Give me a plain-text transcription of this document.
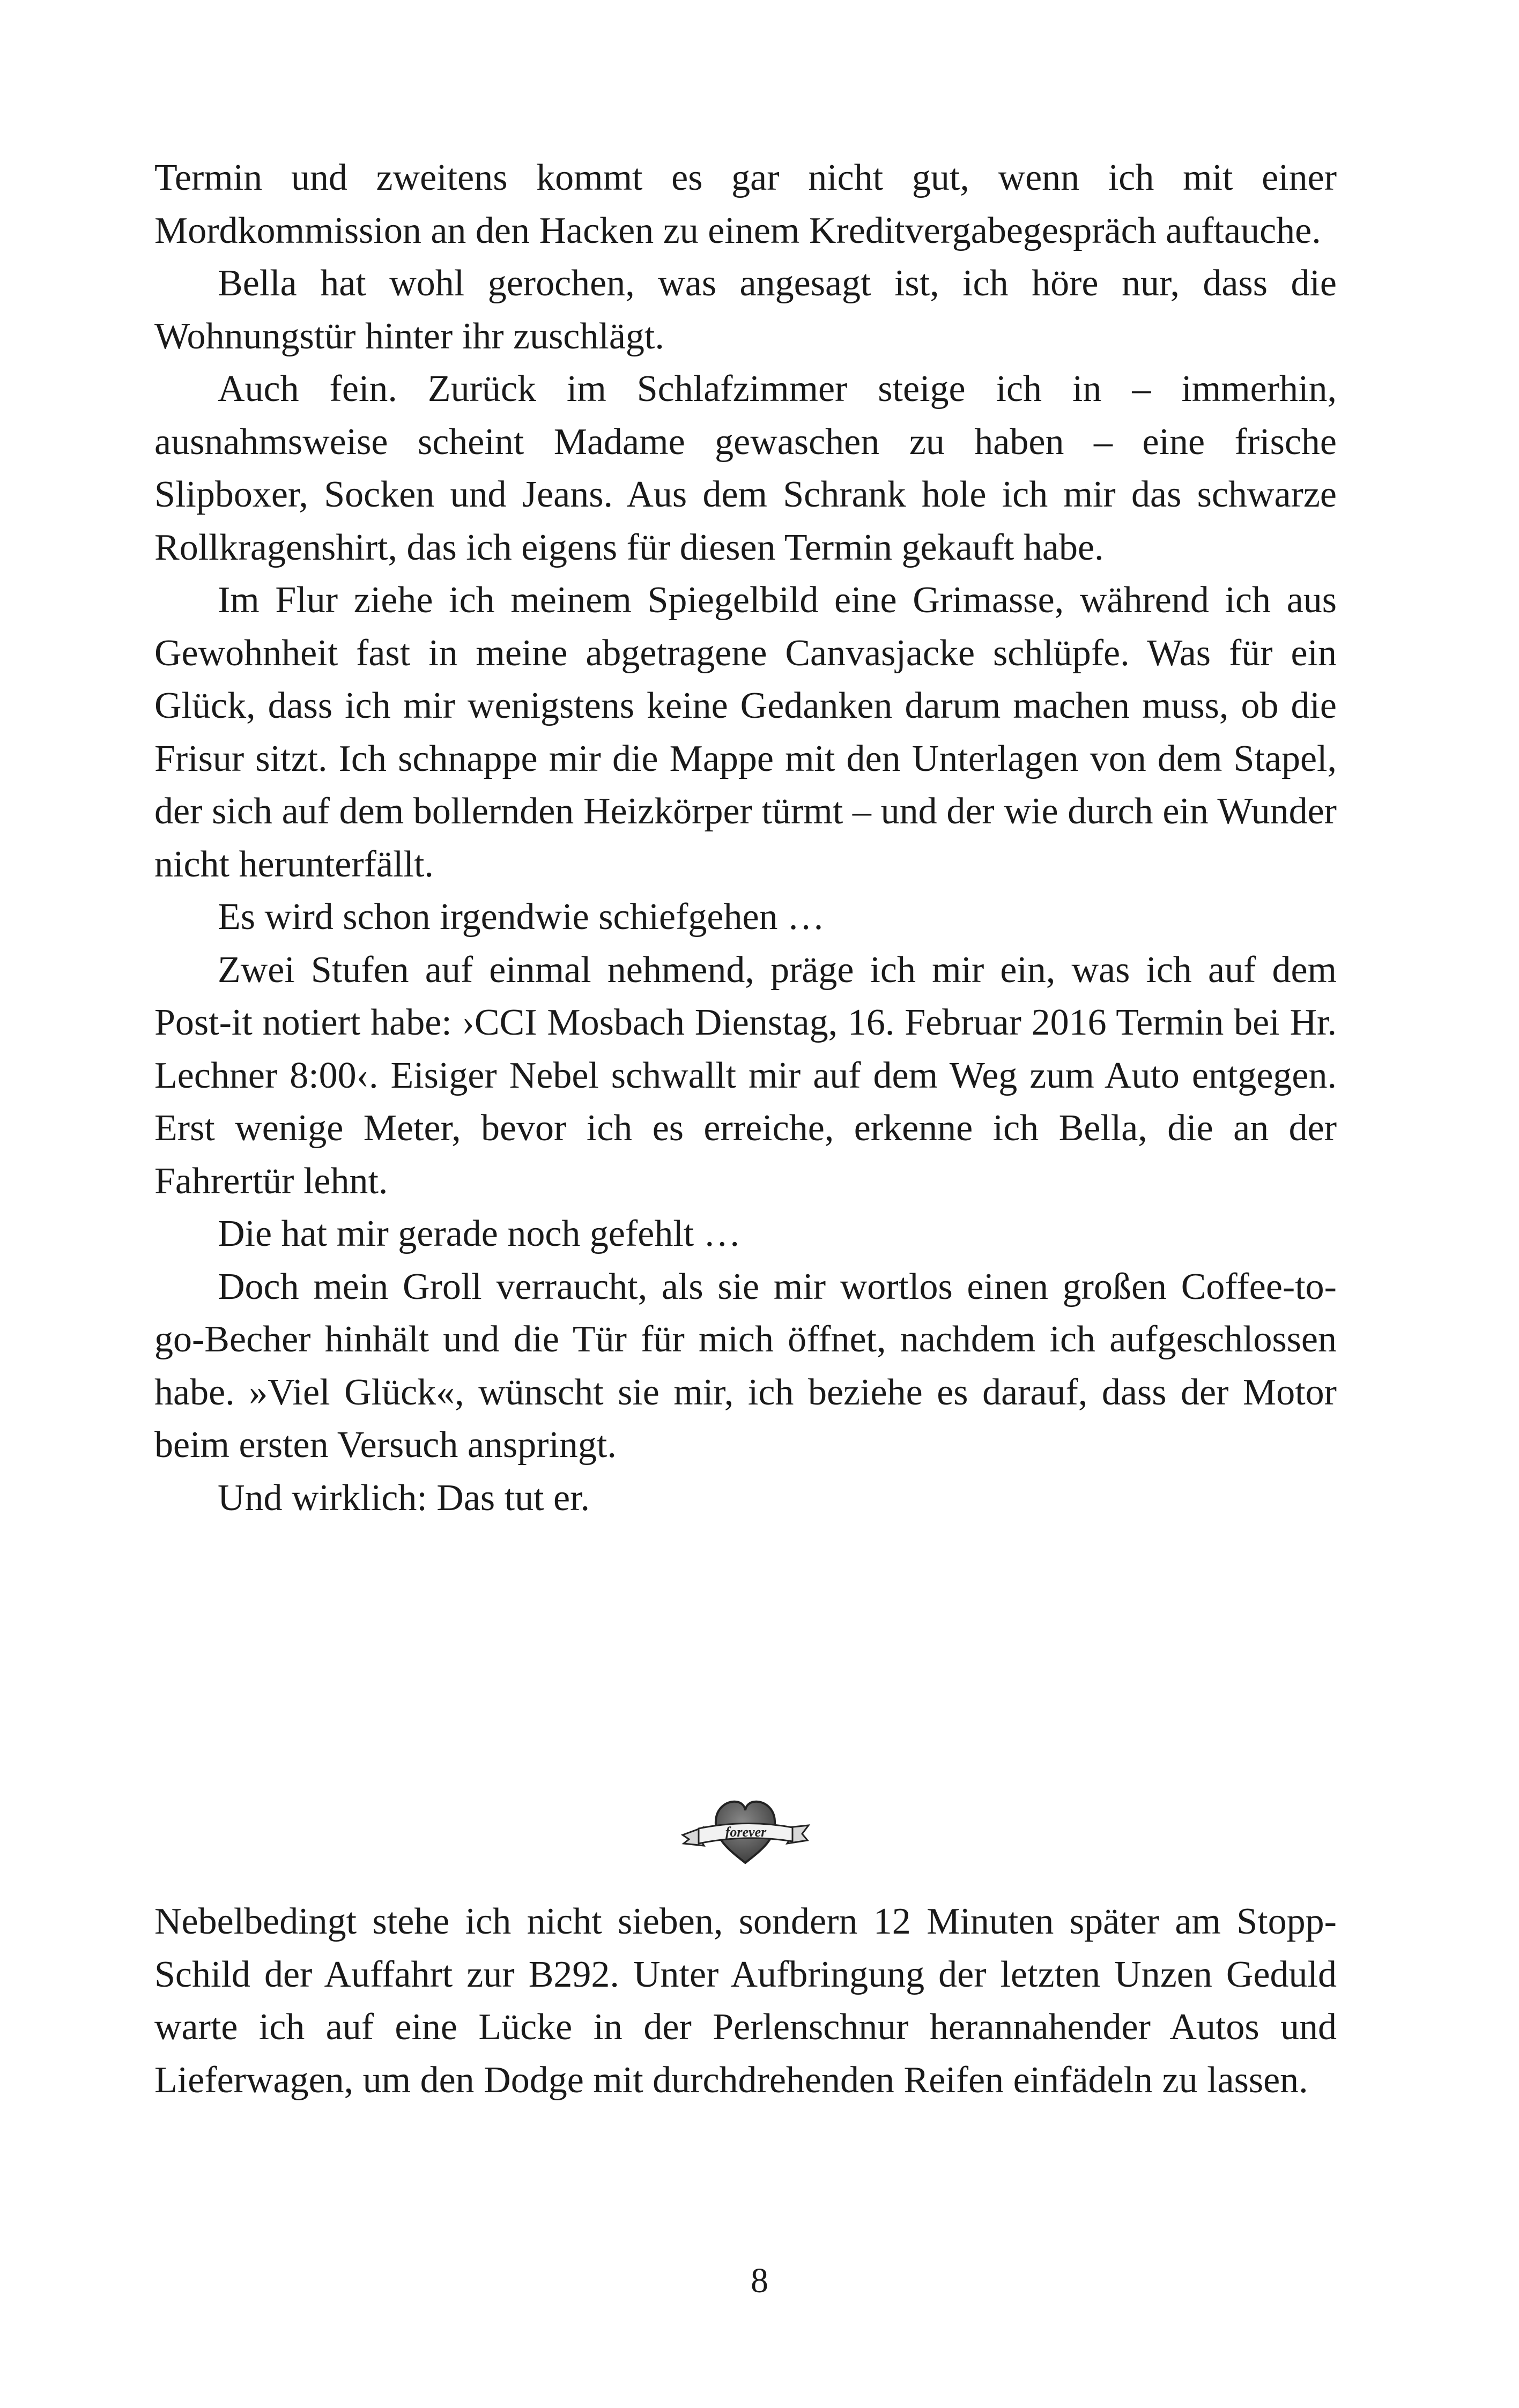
Termin und zweitens kommt es gar nicht gut, wenn ich mit einer Mordkommission an den Hacken zu einem Kreditvergabegespräch auftauche.

Bella hat wohl gerochen, was angesagt ist, ich höre nur, dass die Wohnungstür hinter ihr zuschlägt.

Auch fein. Zurück im Schlafzimmer steige ich in – immerhin, ausnahmsweise scheint Madame gewaschen zu haben – eine frische Slipboxer, Socken und Jeans. Aus dem Schrank hole ich mir das schwarze Rollkragenshirt, das ich eigens für diesen Termin gekauft habe.

Im Flur ziehe ich meinem Spiegelbild eine Grimasse, während ich aus Gewohnheit fast in meine abgetragene Canvasjacke schlüpfe. Was für ein Glück, dass ich mir wenigstens keine Gedanken darum machen muss, ob die Frisur sitzt. Ich schnappe mir die Mappe mit den Unterlagen von dem Stapel, der sich auf dem bollernden Heizkörper türmt – und der wie durch ein Wunder nicht herunterfällt.

Es wird schon irgendwie schiefgehen …

Zwei Stufen auf einmal nehmend, präge ich mir ein, was ich auf dem Post-it notiert habe: ›CCI Mosbach Dienstag, 16. Februar 2016 Termin bei Hr. Lechner 8:00‹. Eisiger Nebel schwallt mir auf dem Weg zum Auto entgegen. Erst wenige Meter, bevor ich es erreiche, erkenne ich Bella, die an der Fahrertür lehnt.

Die hat mir gerade noch gefehlt …

Doch mein Groll verraucht, als sie mir wortlos einen großen Coffee-to-go-Becher hinhält und die Tür für mich öffnet, nachdem ich aufgeschlossen habe. »Viel Glück«, wünscht sie mir, ich beziehe es darauf, dass der Motor beim ersten Versuch anspringt.

Und wirklich: Das tut er.

forever

Nebelbedingt stehe ich nicht sieben, sondern 12 Minuten später am Stopp-Schild der Auffahrt zur B292. Unter Aufbringung der letzten Unzen Geduld warte ich auf eine Lücke in der Perlenschnur herannahender Autos und Lieferwagen, um den Dodge mit durchdrehenden Reifen einfädeln zu lassen.

8
